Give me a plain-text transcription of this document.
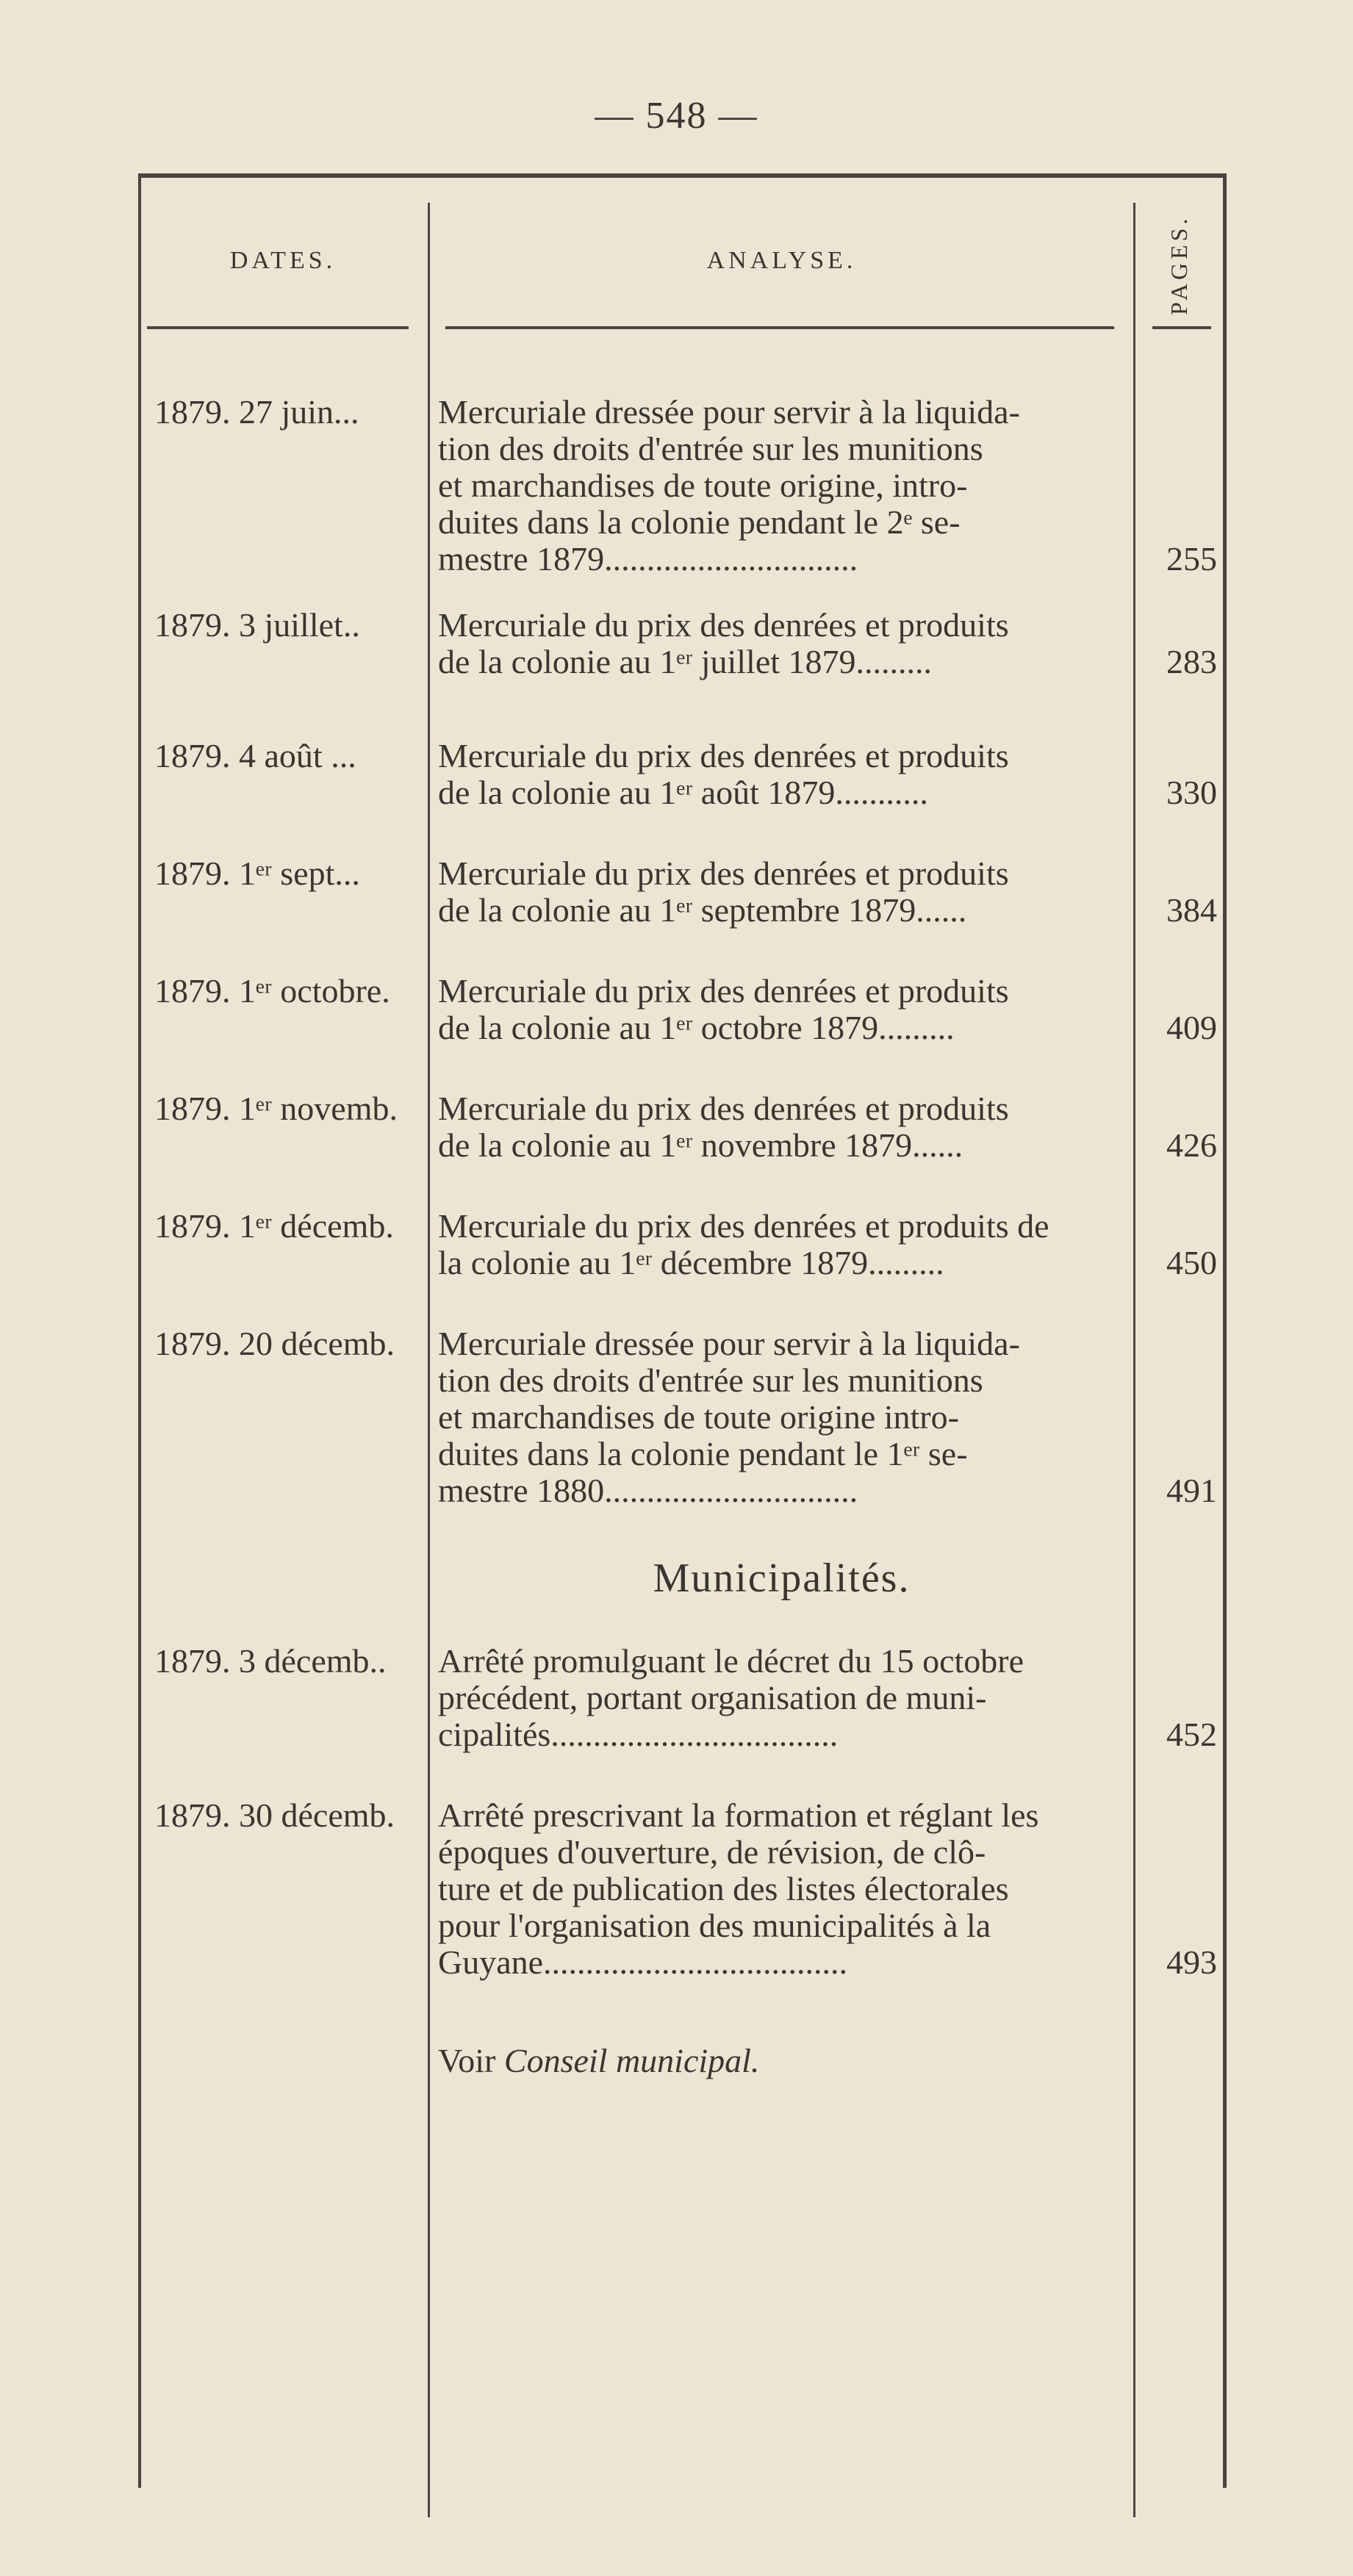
— 548 —
DATES.	ANALYSE.	PAGES.
1879. 27 juin...	Mercuriale dressée pour servir à la liquida-
tion des droits d'entrée sur les munitions
et marchandises de toute origine, intro-
duites dans la colonie pendant le 2ᵉ se-
mestre 1879..............................	255
1879. 3 juillet..	Mercuriale du prix des denrées et produits
de la colonie au 1ᵉʳ juillet 1879.........	283
1879. 4 août ...	Mercuriale du prix des denrées et produits
de la colonie au 1ᵉʳ août 1879...........	330
1879. 1ᵉʳ sept...	Mercuriale du prix des denrées et produits
de la colonie au 1ᵉʳ septembre 1879......	384
1879. 1ᵉʳ octobre.	Mercuriale du prix des denrées et produits
de la colonie au 1ᵉʳ octobre 1879.........	409
1879. 1ᵉʳ novemb.	Mercuriale du prix des denrées et produits
de la colonie au 1ᵉʳ novembre 1879......	426
1879. 1ᵉʳ décemb.	Mercuriale du prix des denrées et produits de
la colonie au 1ᵉʳ décembre 1879.........	450
1879. 20 décemb.	Mercuriale dressée pour servir à la liquida-
tion des droits d'entrée sur les munitions
et marchandises de toute origine intro-
duites dans la colonie pendant le 1ᵉʳ se-
mestre 1880..............................	491
Municipalités.
1879. 3 décemb..	Arrêté promulguant le décret du 15 octobre
précédent, portant organisation de muni-
cipalités..................................	452
1879. 30 décemb.	Arrêté prescrivant la formation et réglant les
époques d'ouverture, de révision, de clô-
ture et de publication des listes électorales
pour l'organisation des municipalités à la
Guyane....................................	493
Voir Conseil municipal.
